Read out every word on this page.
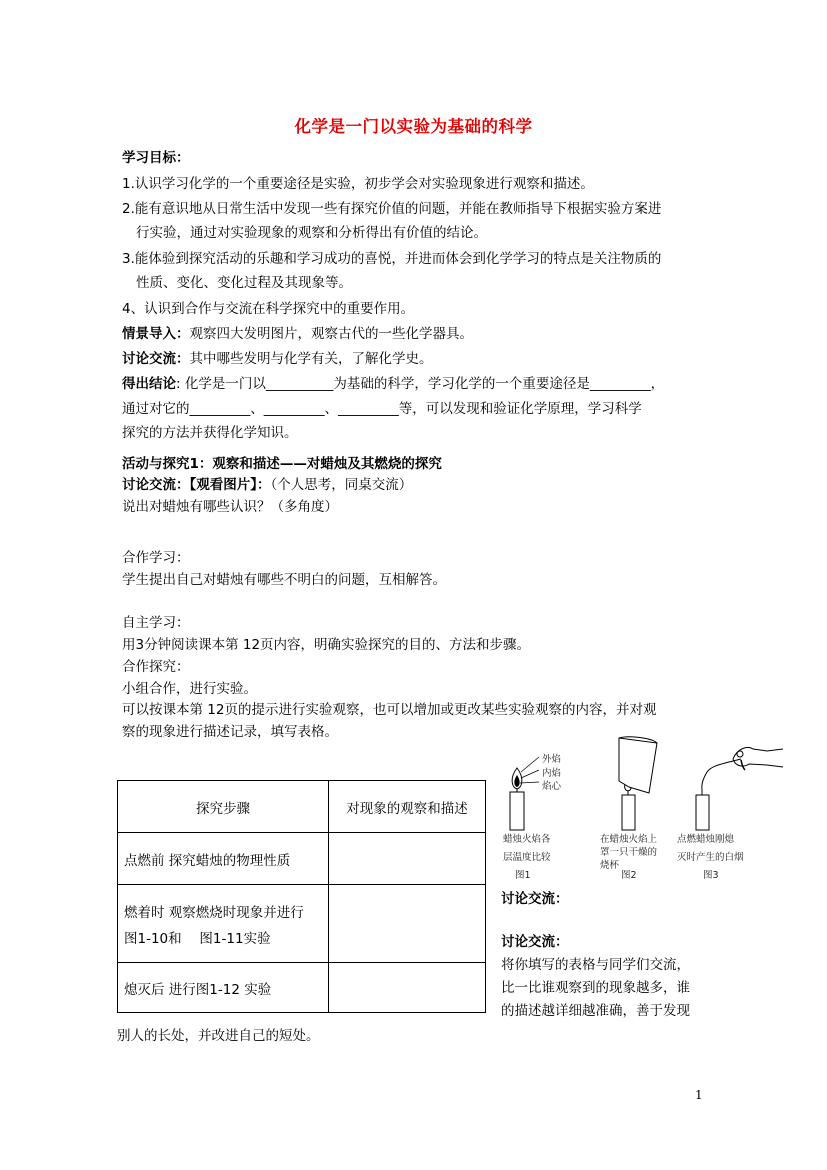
化学是一门以实验为基础的科学
学习目标：
1.认识学习化学的一个重要途径是实验，初步学会对实验现象进行观察和描述。
2.能有意识地从日常生活中发现一些有探究价值的问题，并能在教师指导下根据实验方案进
行实验，通过对实验现象的观察和分析得出有价值的结论。
3.能体验到探究活动的乐趣和学习成功的喜悦，并进而体会到化学学习的特点是关注物质的
性质、变化、变化过程及其现象等。
4、认识到合作与交流在科学探究中的重要作用。
情景导入：观察四大发明图片，观察古代的一些化学器具。
讨论交流：其中哪些发明与化学有关，了解化学史。
得出结论: 化学是一门以__________为基础的科学，学习化学的一个重要途径是_________，
通过对它的_________、_________、_________等，可以发现和验证化学原理，学习科学
探究的方法并获得化学知识。
活动与探究1：观察和描述——对蜡烛及其燃烧的探究
讨论交流：【观看图片】：（个人思考，同桌交流）
说出对蜡烛有哪些认识？（多角度）
合作学习：
学生提出自己对蜡烛有哪些不明白的问题，互相解答。
自主学习：
用3分钟阅读课本第 12页内容，明确实验探究的目的、方法和步骤。
合作探究：
小组合作，进行实验。
可以按课本第 12页的提示进行实验观察，也可以增加或更改某些实验观察的内容，并对观
察的现象进行描述记录，填写表格。
探究步骤	对现象的观察和描述
点燃前 探究蜡烛的物理性质	

燃着时 观察燃烧时现象并进行
图1-10和　 图1-11实验	

熄灭后 进行图1-12 实验	
外焰
内焰
焰心
蜡烛火焰各
层温度比较
图1
在蜡烛火焰上
罩一只干燥的
烧杯
图2
点燃蜡烛刚熄
灭时产生的白烟
图3
讨论交流：
讨论交流：
将你填写的表格与同学们交流，
比一比谁观察到的现象越多，谁
的描述越详细越准确，善于发现
别人的长处，并改进自己的短处。
1
